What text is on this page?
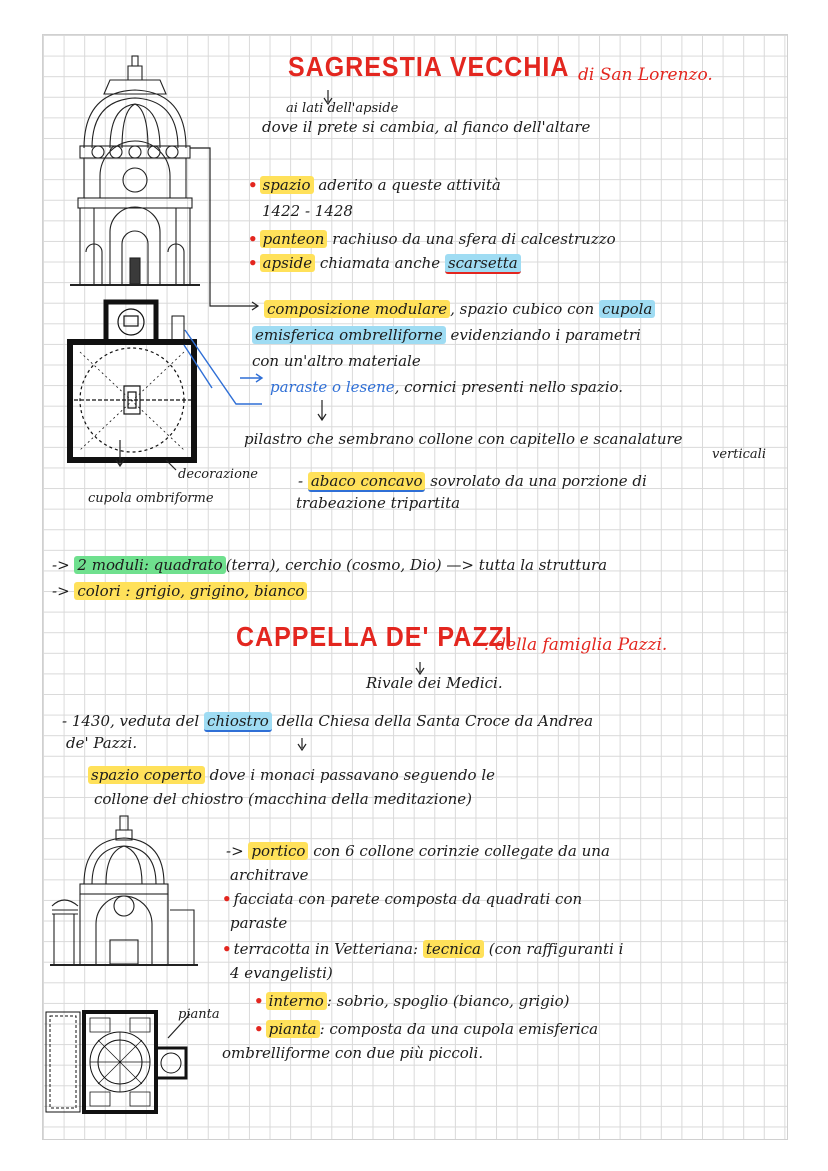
SAGRESTIA VECCHIA di San Lorenzo.
ai lati dell'apside
dove il prete si cambia, al fianco dell'altare
• spazio aderito a queste attività
1422 - 1428
• panteon rachiuso da una sfera di calcestruzzo
• apside chiamata anche scarsetta
composizione modulare , spazio cubico con cupola
emisferica ombrelliforne evidenziando i parametri
con un'altro materiale
paraste o lesene, cornici presenti nello spazio.
pilastro che sembrano collone con capitello e scanalature
verticali
- abaco concavo sovrolato da una porzione di
trabeazione tripartita
decorazione
cupola ombriforme
-> 2 moduli: quadrato (terra), cerchio (cosmo, Dio) —> tutta la struttura
-> colori : grigio, grigino, bianco
CAPPELLA DE' PAZZI
: della famiglia Pazzi.
Rivale dei Medici.
- 1430, veduta del chiostro della Chiesa della Santa Croce da Andrea
de' Pazzi.
spazio coperto dove i monaci passavano seguendo le
collone del chiostro (macchina della meditazione)
pianta
-> portico con 6 collone corinzie collegate da una
architrave
• facciata con parete composta da quadrati con
paraste
• terracotta in Vetteriana: tecnica (con raffiguranti i
4 evangelisti)
• interno : sobrio, spoglio (bianco, grigio)
• pianta : composta da una cupola emisferica
ombrelliforme con due più piccoli.
